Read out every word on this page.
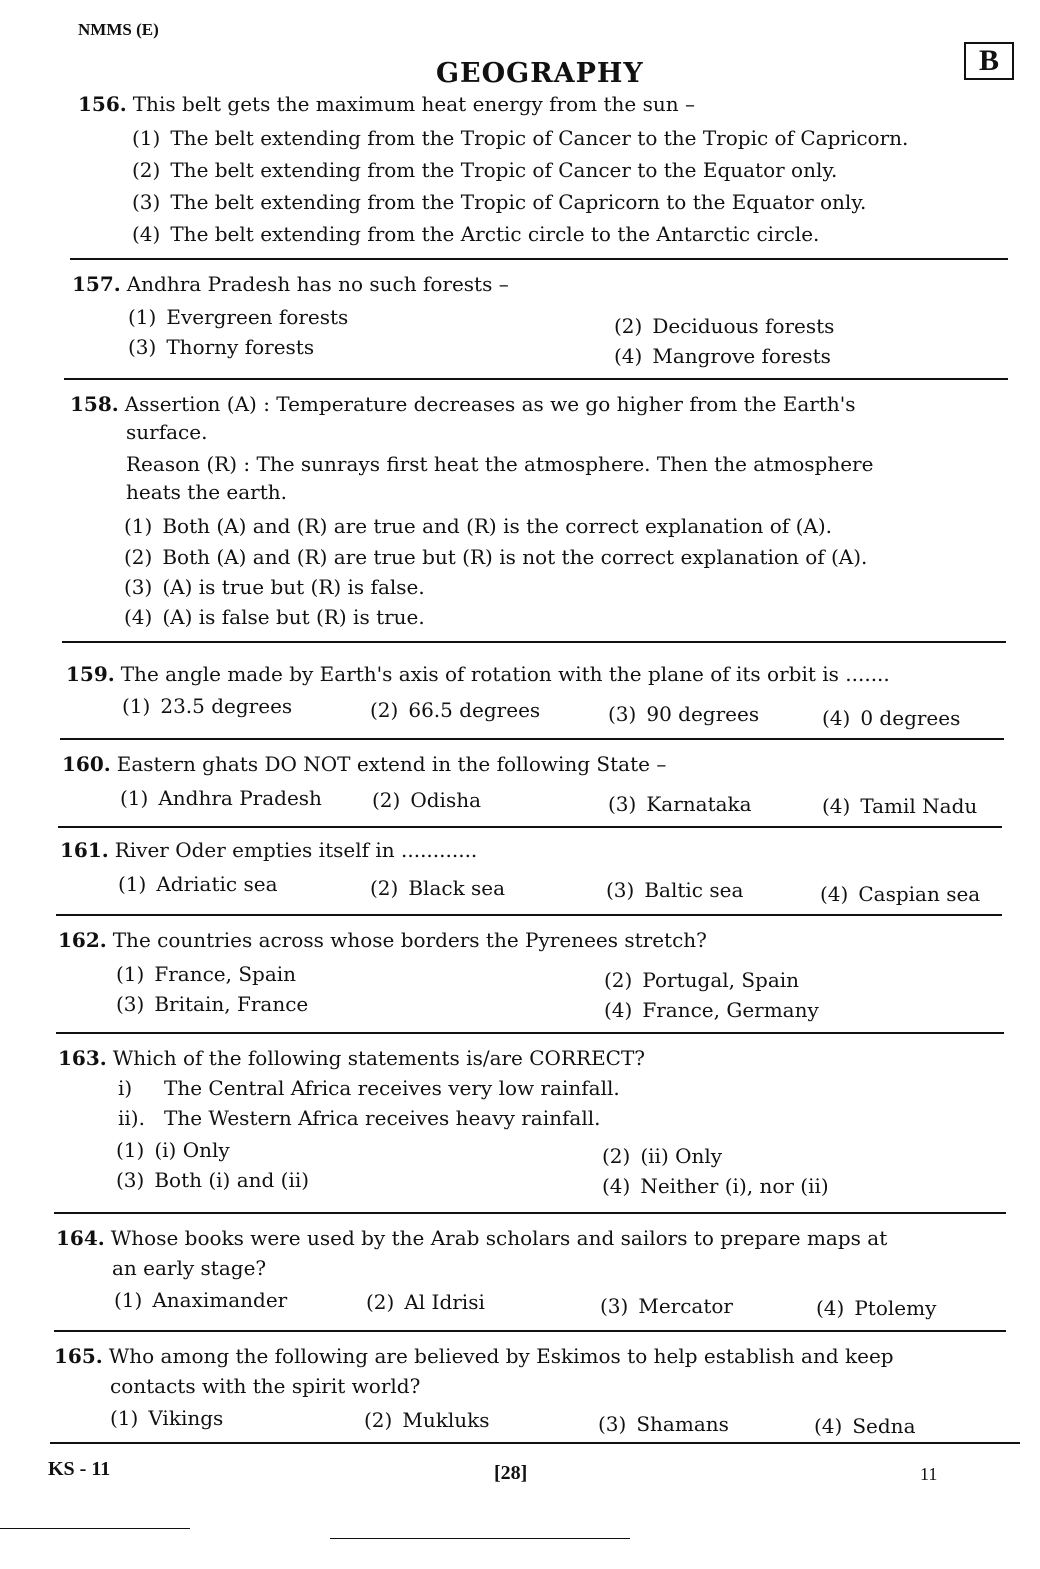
NMMS (E)
GEOGRAPHY	B
156. This belt gets the maximum heat energy from the sun –
(1) The belt extending from the Tropic of Cancer to the Tropic of Capricorn.
(2) The belt extending from the Tropic of Cancer to the Equator only.
(3) The belt extending from the Tropic of Capricorn to the Equator only.
(4) The belt extending from the Arctic circle to the Antarctic circle.
157. Andhra Pradesh has no such forests –
(1) Evergreen forests	(2) Deciduous forests
(3) Thorny forests	(4) Mangrove forests
158. Assertion (A) : Temperature decreases as we go higher from the Earth's
surface.
Reason (R) : The sunrays first heat the atmosphere. Then the atmosphere
heats the earth.
(1) Both (A) and (R) are true and (R) is the correct explanation of (A).
(2) Both (A) and (R) are true but (R) is not the correct explanation of (A).
(3) (A) is true but (R) is false.
(4) (A) is false but (R) is true.
159. The angle made by Earth's axis of rotation with the plane of its orbit is .......
(1) 23.5 degrees	(2) 66.5 degrees	(3) 90 degrees	(4) 0 degrees
160. Eastern ghats DO NOT extend in the following State –
(1) Andhra Pradesh	(2) Odisha	(3) Karnataka	(4) Tamil Nadu
161. River Oder empties itself in ............
(1) Adriatic sea	(2) Black sea	(3) Baltic sea	(4) Caspian sea
162. The countries across whose borders the Pyrenees stretch?
(1) France, Spain	(2) Portugal, Spain
(3) Britain, France	(4) France, Germany
163. Which of the following statements is/are CORRECT?
i) The Central Africa receives very low rainfall.
ii). The Western Africa receives heavy rainfall.
(1) (i) Only	(2) (ii) Only
(3) Both (i) and (ii)	(4) Neither (i), nor (ii)
164. Whose books were used by the Arab scholars and sailors to prepare maps at
an early stage?
(1) Anaximander	(2) Al Idrisi	(3) Mercator	(4) Ptolemy
165. Who among the following are believed by Eskimos to help establish and keep
contacts with the spirit world?
(1) Vikings	(2) Mukluks	(3) Shamans	(4) Sedna
KS - 11	[28]	11
